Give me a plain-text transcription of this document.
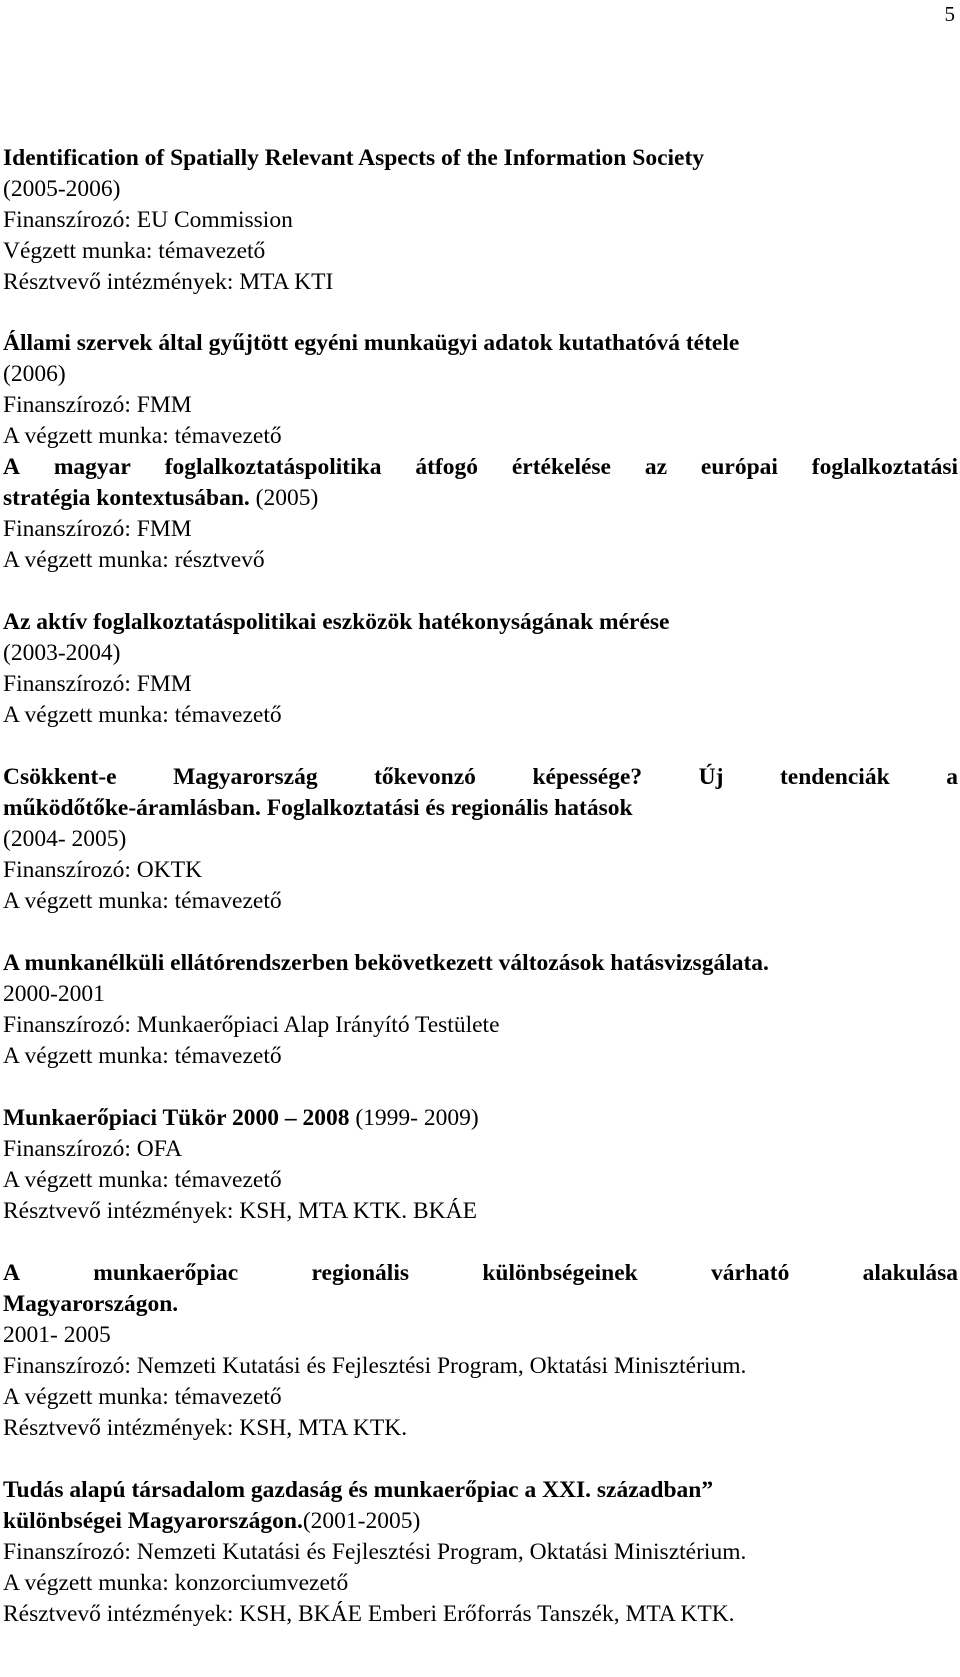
5
Identification of Spatially Relevant Aspects of the Information Society
(2005-2006)
Finanszírozó: EU Commission
Végzett munka: témavezető
Résztvevő intézmények: MTA KTI
Állami szervek által gyűjtött egyéni munkaügyi adatok kutathatóvá tétele
(2006)
Finanszírozó: FMM
A végzett munka: témavezető
A magyar foglalkoztatáspolitika átfogó értékelése az európai foglalkoztatási
stratégia kontextusában. (2005)
Finanszírozó: FMM
A végzett munka: résztvevő
Az aktív foglalkoztatáspolitikai eszközök hatékonyságának mérése
(2003-2004)
Finanszírozó: FMM
A végzett munka: témavezető
Csökkent-e Magyarország tőkevonzó képessége? Új tendenciák a
működőtőke-áramlásban. Foglalkoztatási és regionális hatások
(2004- 2005)
Finanszírozó: OKTK
A végzett munka: témavezető
A munkanélküli ellátórendszerben bekövetkezett változások hatásvizsgálata.
2000-2001
Finanszírozó: Munkaerőpiaci Alap Irányító Testülete
A végzett munka: témavezető
Munkaerőpiaci Tükör 2000 – 2008 (1999- 2009)
Finanszírozó: OFA
A végzett munka: témavezető
Résztvevő intézmények: KSH, MTA KTK. BKÁE
A	munkaerőpiac	regionális	különbségeinek	várható	alakulása
Magyarországon.
2001- 2005
Finanszírozó: Nemzeti Kutatási és Fejlesztési Program, Oktatási Minisztérium.
A végzett munka: témavezető
Résztvevő intézmények: KSH, MTA KTK.
Tudás alapú társadalom gazdaság és munkaerőpiac a XXI. században”
különbségei Magyarországon.(2001-2005)
Finanszírozó: Nemzeti Kutatási és Fejlesztési Program, Oktatási Minisztérium.
A végzett munka: konzorciumvezető
Résztvevő intézmények: KSH, BKÁE Emberi Erőforrás Tanszék, MTA KTK.
